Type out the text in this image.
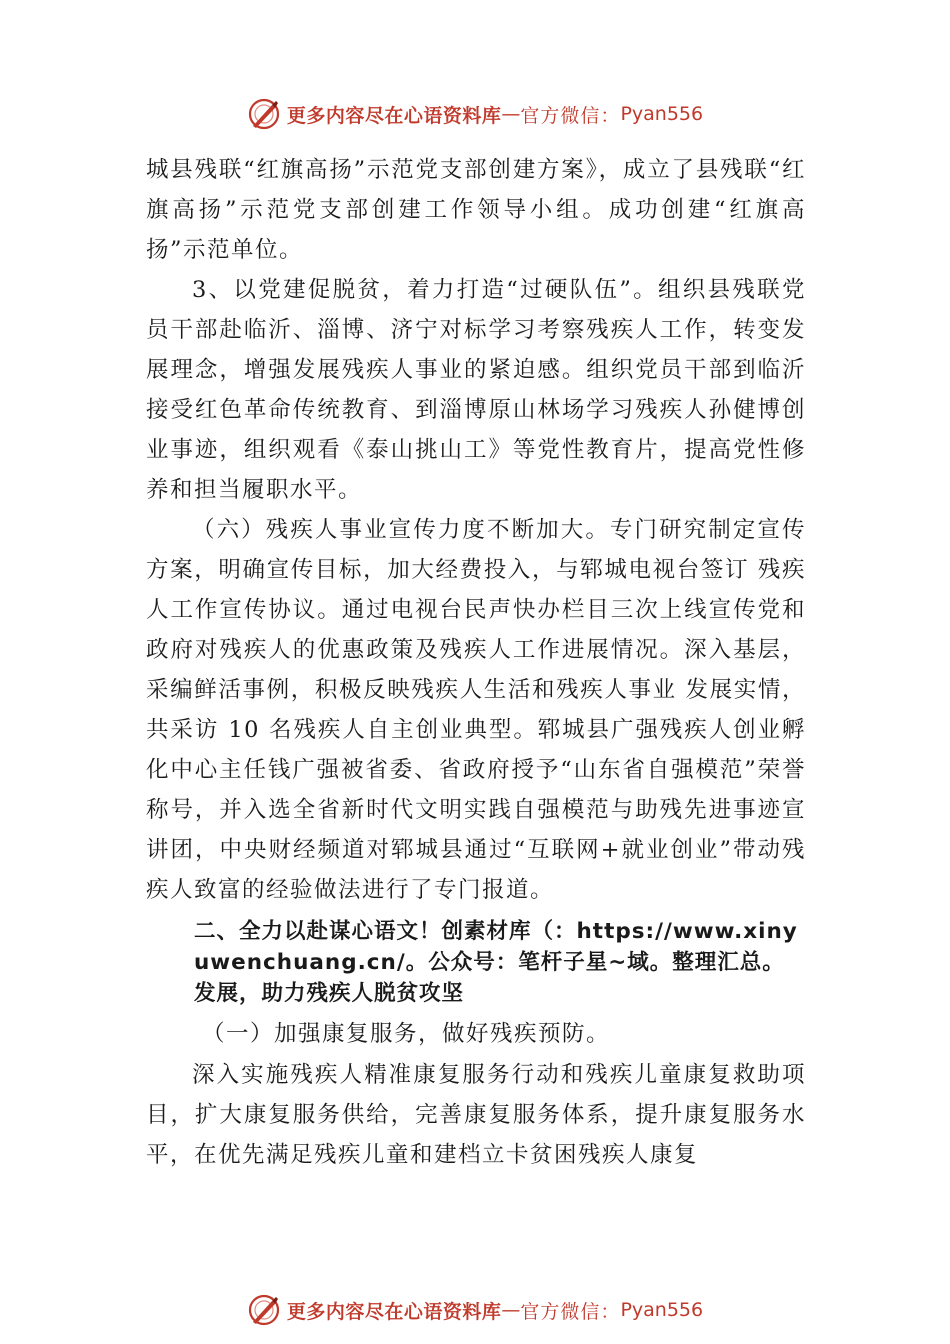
更多内容尽在心语资料库 — 官方微信： Pyan556

城县残联“红旗高扬”示范党支部创建方案》，成立了县残联“红旗高扬”示范党支部创建工作领导小组。成功创建“红旗高扬”示范单位。

3、以党建促脱贫，着力打造“过硬队伍”。组织县残联党员干部赴临沂、淄博、济宁对标学习考察残疾人工作，转变发展理念，增强发展残疾人事业的紧迫感。组织党员干部到临沂接受红色革命传统教育、到淄博原山林场学习残疾人孙健博创业事迹，组织观看《泰山挑山工》等党性教育片，提高党性修养和担当履职水平。

（六）残疾人事业宣传力度不断加大。专门研究制定宣传方案，明确宣传目标，加大经费投入，与郓城电视台签订 残疾人工作宣传协议。通过电视台民声快办栏目三次上线宣传党和政府对残疾人的优惠政策及残疾人工作进展情况。深入基层，采编鲜活事例，积极反映残疾人生活和残疾人事业 发展实情，共采访 10 名残疾人自主创业典型。郓城县广强残疾人创业孵化中心主任钱广强被省委、省政府授予“山东省自强模范”荣誉称号，并入选全省新时代文明实践自强模范与助残先进事迹宣讲团，中央财经频道对郓城县通过“互联网+就业创业”带动残疾人致富的经验做法进行了专门报道。

二、全力以赴谋心语文！创素材库（：https://www.xinyuwenchuang.cn/。公众号：笔杆子星~域。整理汇总。发展，助力残疾人脱贫攻坚

（一）加强康复服务，做好残疾预防。

深入实施残疾人精准康复服务行动和残疾儿童康复救助项目，扩大康复服务供给，完善康复服务体系，提升康复服务水平，在优先满足残疾儿童和建档立卡贫困残疾人康复

更多内容尽在心语资料库 — 官方微信： Pyan556
